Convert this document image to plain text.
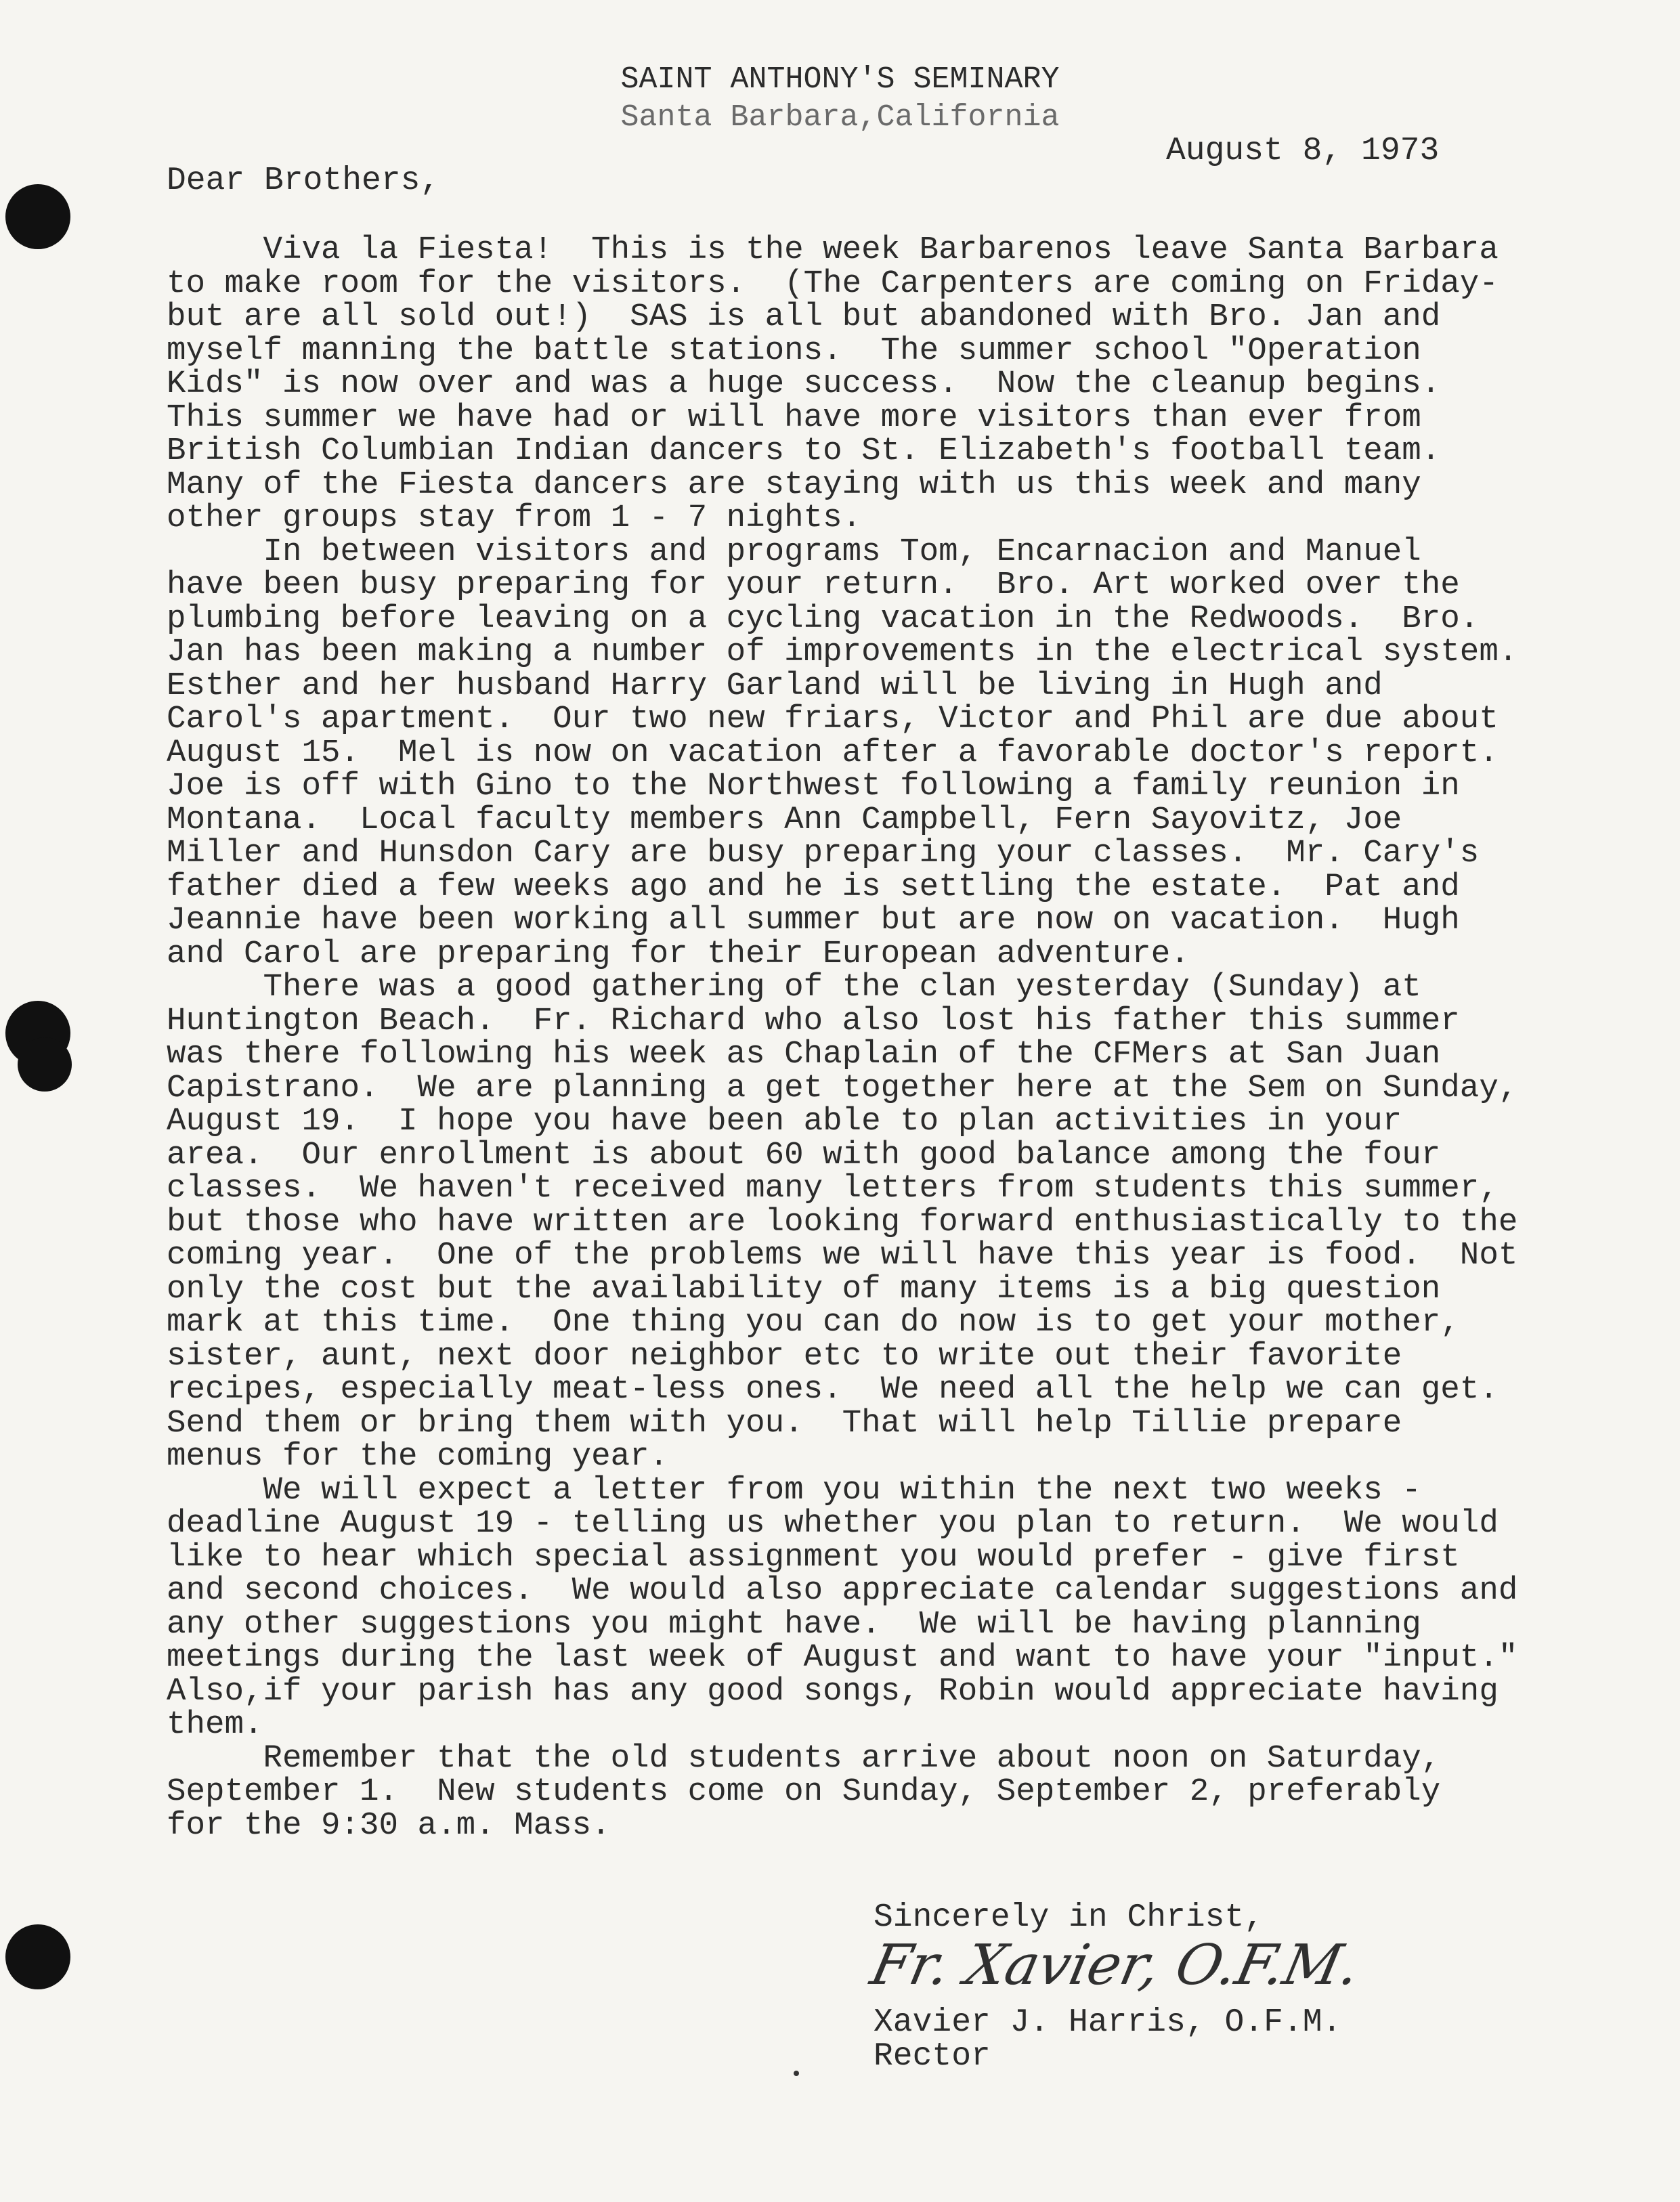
SAINT ANTHONY'S SEMINARY
Santa Barbara,California
August 8, 1973
Dear Brothers,
Viva la Fiesta!  This is the week Barbarenos leave Santa Barbara
to make room for the visitors.  (The Carpenters are coming on Friday-
but are all sold out!)  SAS is all but abandoned with Bro. Jan and
myself manning the battle stations.  The summer school "Operation
Kids" is now over and was a huge success.  Now the cleanup begins.
This summer we have had or will have more visitors than ever from
British Columbian Indian dancers to St. Elizabeth's football team.
Many of the Fiesta dancers are staying with us this week and many
other groups stay from 1 - 7 nights.
In between visitors and programs Tom, Encarnacion and Manuel
have been busy preparing for your return.  Bro. Art worked over the
plumbing before leaving on a cycling vacation in the Redwoods.  Bro.
Jan has been making a number of improvements in the electrical system.
Esther and her husband Harry Garland will be living in Hugh and
Carol's apartment.  Our two new friars, Victor and Phil are due about
August 15.  Mel is now on vacation after a favorable doctor's report.
Joe is off with Gino to the Northwest following a family reunion in
Montana.  Local faculty members Ann Campbell, Fern Sayovitz, Joe
Miller and Hunsdon Cary are busy preparing your classes.  Mr. Cary's
father died a few weeks ago and he is settling the estate.  Pat and
Jeannie have been working all summer but are now on vacation.  Hugh
and Carol are preparing for their European adventure.
There was a good gathering of the clan yesterday (Sunday) at
Huntington Beach.  Fr. Richard who also lost his father this summer
was there following his week as Chaplain of the CFMers at San Juan
Capistrano.  We are planning a get together here at the Sem on Sunday,
August 19.  I hope you have been able to plan activities in your
area.  Our enrollment is about 60 with good balance among the four
classes.  We haven't received many letters from students this summer,
but those who have written are looking forward enthusiastically to the
coming year.  One of the problems we will have this year is food.  Not
only the cost but the availability of many items is a big question
mark at this time.  One thing you can do now is to get your mother,
sister, aunt, next door neighbor etc to write out their favorite
recipes, especially meat-less ones.  We need all the help we can get.
Send them or bring them with you.  That will help Tillie prepare
menus for the coming year.
We will expect a letter from you within the next two weeks -
deadline August 19 - telling us whether you plan to return.  We would
like to hear which special assignment you would prefer - give first
and second choices.  We would also appreciate calendar suggestions and
any other suggestions you might have.  We will be having planning
meetings during the last week of August and want to have your "input."
Also,if your parish has any good songs, Robin would appreciate having
them.
Remember that the old students arrive about noon on Saturday,
September 1.  New students come on Sunday, September 2, preferably
for the 9:30 a.m. Mass.
Sincerely in Christ,
Fr. Xavier, O.F.M.
Xavier J. Harris, O.F.M.
Rector
